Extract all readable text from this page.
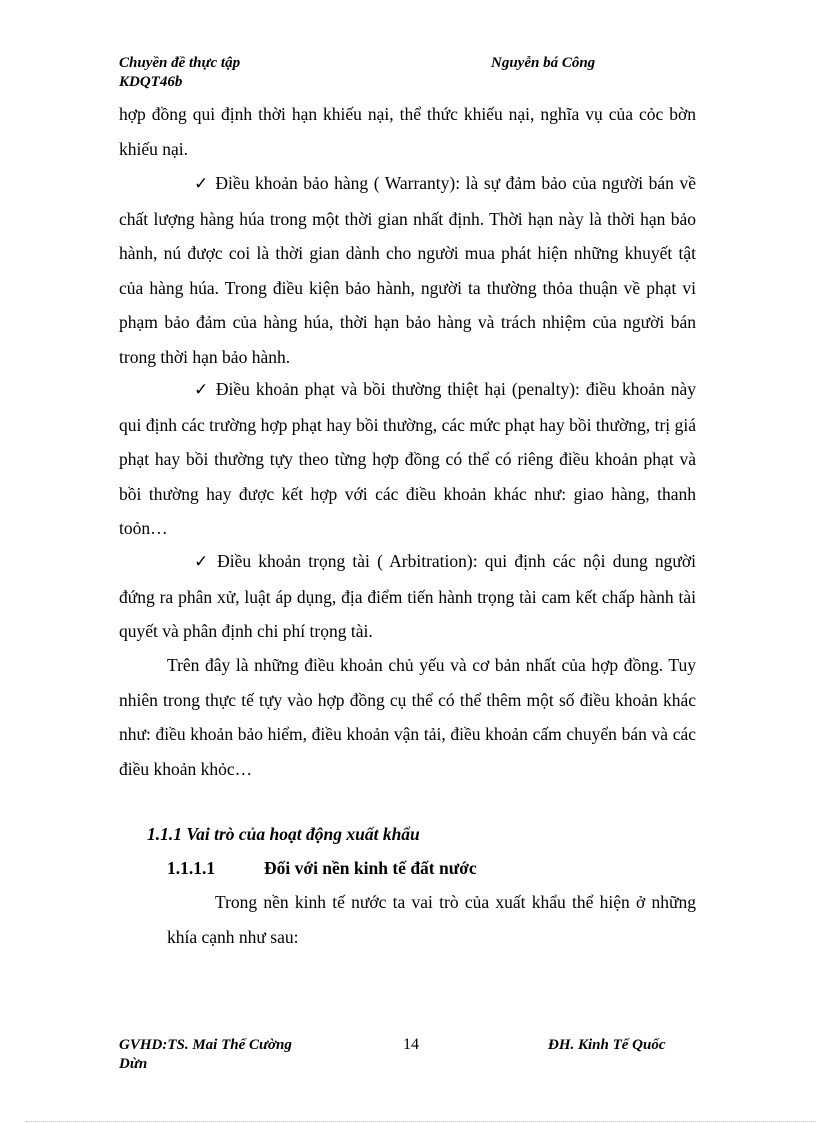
Chuyền đề thực tập
KDQT46b
Nguyễn bá Công

hợp đồng qui định thời hạn khiếu nại, thể thức khiếu nại, nghĩa vụ của cỏc bờn khiếu nại.

✓ Điều khoản bảo hàng ( Warranty): là sự đảm bảo của người bán về chất lượng hàng húa trong một thời gian nhất định. Thời hạn này là thời hạn bảo hành, nú được coi là thời gian dành cho người mua phát hiện những khuyết tật của hàng húa. Trong điều kiện bảo hành, người ta thường thỏa thuận về phạt vi phạm bảo đảm của hàng húa, thời hạn bảo hàng và trách nhiệm của người bán trong thời hạn bảo hành.

✓ Điều khoản phạt và bồi thường thiệt hại (penalty): điều khoản này qui định các trường hợp phạt hay bồi thường, các mức phạt hay bồi thường, trị giá phạt hay bồi thường tựy theo từng hợp đồng có thể có riêng điều khoản phạt và bồi thường hay được kết hợp với các điều khoản khác như: giao hàng, thanh toỏn…

✓ Điều khoản trọng tài ( Arbitration): qui định các nội dung người đứng ra phân xử, luật áp dụng, địa điểm tiến hành trọng tài cam kết chấp hành tài quyết và phân định chi phí trọng tài.

Trên đây là những điều khoản chủ yếu và cơ bản nhất của hợp đồng. Tuy nhiên trong thực tế tựy vào hợp đồng cụ thể có thể thêm một số điều khoản khác như: điều khoản bảo hiểm, điều khoản vận tải, điều khoản cấm chuyển bán và các điều khoản khỏc…

1.1.1 Vai trò của hoạt động xuất khẩu
1.1.1.1	Đối với nền kinh tế đất nước

Trong nền kinh tế nước ta vai trò của xuất khẩu thể hiện ở những khía cạnh như sau:

GVHD:TS. Mai Thế Cường
Dừn
14	ĐH. Kinh Tế Quốc
